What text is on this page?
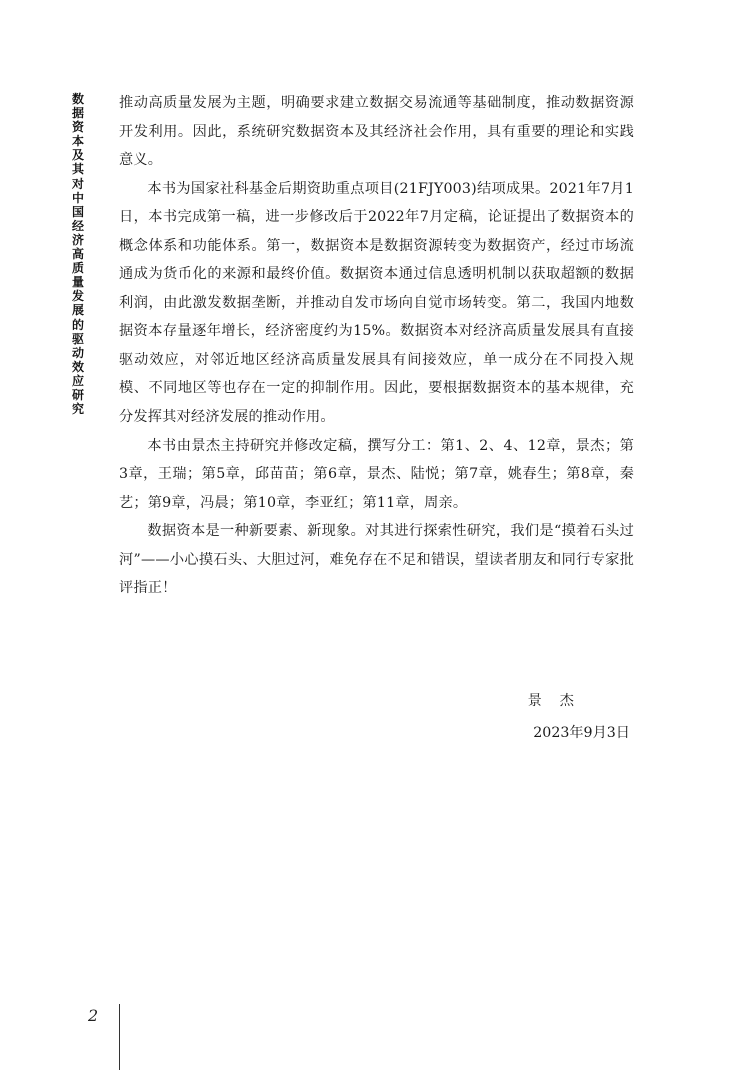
数据资本及其对中国经济高质量发展的驱动效应研究

推动高质量发展为主题，明确要求建立数据交易流通等基础制度，推动数据资源开发利用。因此，系统研究数据资本及其经济社会作用，具有重要的理论和实践意义。

本书为国家社科基金后期资助重点项目(21FJY003)结项成果。2021年7月1日，本书完成第一稿，进一步修改后于2022年7月定稿，论证提出了数据资本的概念体系和功能体系。第一，数据资本是数据资源转变为数据资产，经过市场流通成为货币化的来源和最终价值。数据资本通过信息透明机制以获取超额的数据利润，由此激发数据垄断，并推动自发市场向自觉市场转变。第二，我国内地数据资本存量逐年增长，经济密度约为15%。数据资本对经济高质量发展具有直接驱动效应，对邻近地区经济高质量发展具有间接效应，单一成分在不同投入规模、不同地区等也存在一定的抑制作用。因此，要根据数据资本的基本规律，充分发挥其对经济发展的推动作用。

本书由景杰主持研究并修改定稿，撰写分工：第1、2、4、12章，景杰；第3章，王瑞；第5章，邱苗苗；第6章，景杰、陆悦；第7章，姚春生；第8章，秦艺；第9章，冯晨；第10章，李亚红；第11章，周亲。

数据资本是一种新要素、新现象。对其进行探索性研究，我们是“摸着石头过河”——小心摸石头、大胆过河，难免存在不足和错误，望读者朋友和同行专家批评指正！

景杰
2023年9月3日
2
